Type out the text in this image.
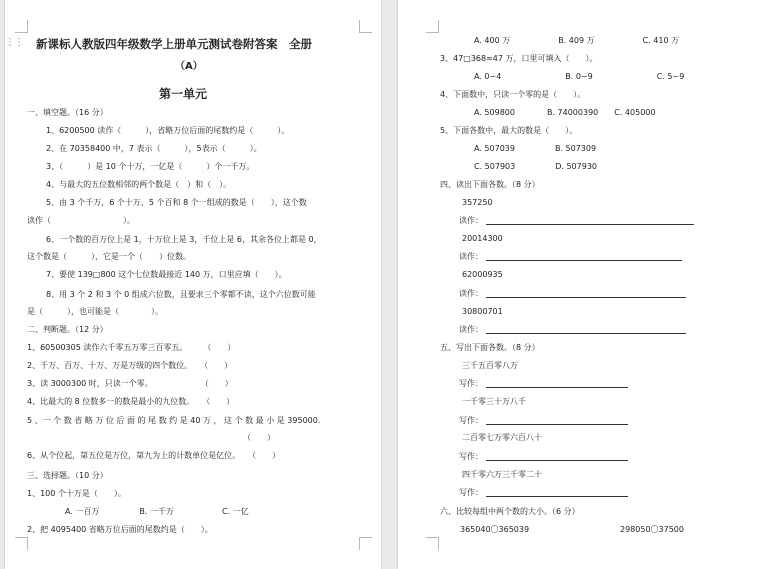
⋮⋮ 新课标人教版四年级数学上册单元测试卷附答案　全册
（A）
第一单元
一、填空题。（16 分）
1、6200500 读作（　　　），省略万位后面的尾数约是（　　　）。
2、在 70358400 中，7 表示（　　　），5表示（　　　）。
3、（　　　）是 10 个十万，一亿是（　　　）个一千万。
4、与最大的五位数相邻的两个数是（　）和（　）。
5、由 3 个千万，6 个十万，5 个百和 8 个一组成的数是（　　），这个数
读作（　　　　　　　　　）。
6、一个数的百万位上是 1，十万位上是 3，千位上是 6，其余各位上都是 0，
这个数是（　　　），它是一个（　　）位数。
7、要使 139□800 这个七位数最接近 140 万，口里应填（　　）。
8、用 3 个 2 和 3 个 0 组成六位数，且要求三个零都不读，这个六位数可能
是（　　　），也可能是（　　　　）。
二、判断题。（12 分）
1、60500305 读作六千零五万零三百零五。　　　（　　）
2、千万、百万、十万、万是万级的四个数位。　　（　　）
3、读 3000300 时，只读一个零。　　　　　　　（　　）
4、比最大的 8 位数多一的数是最小的九位数。　　（　　）
5 、一 个 数 省 略 万 位 后 面 的 尾 数 约 是 40 万 ， 这 个 数 最 小 是 395000.
（　　）
6、从个位起，第五位是万位，第九为上的计数单位是亿位。　　（　　）
三、选择题。（10 分）
1、100 个十万是（　　）。
A. 一百万　　　　　B. 一千万　　　　　　C. 一亿
2、把 4095400 省略万位后面的尾数约是（　　）。
A. 400 万　　　　　　B. 409 万　　　　　　C. 410 万
3、47□368≈47 万，口里可填入（　　）。
A. 0~4　　　　　　　　B. 0~9　　　　　　　　C. 5~9
4、下面数中，只读一个零的是（　　）。
A. 509800　　　　B. 74000390　　C. 405000
5、下面各数中，最大的数是（　　）。
A. 507039　　　　　B. 507309
C. 507903　　　　　D. 507930
四、读出下面各数。（8 分）
357250
读作：
20014300
读作：
62000935
读作：
30800701
读作：
五、写出下面各数。（8 分）
三千五百零八万
写作：
一千零三十万八千
写作：
二百零七万零六百八十
写作：
四千零六万三千零二十
写作：
六、比较每组中两个数的大小。（6 分）
365040〇365039	298050〇37500
